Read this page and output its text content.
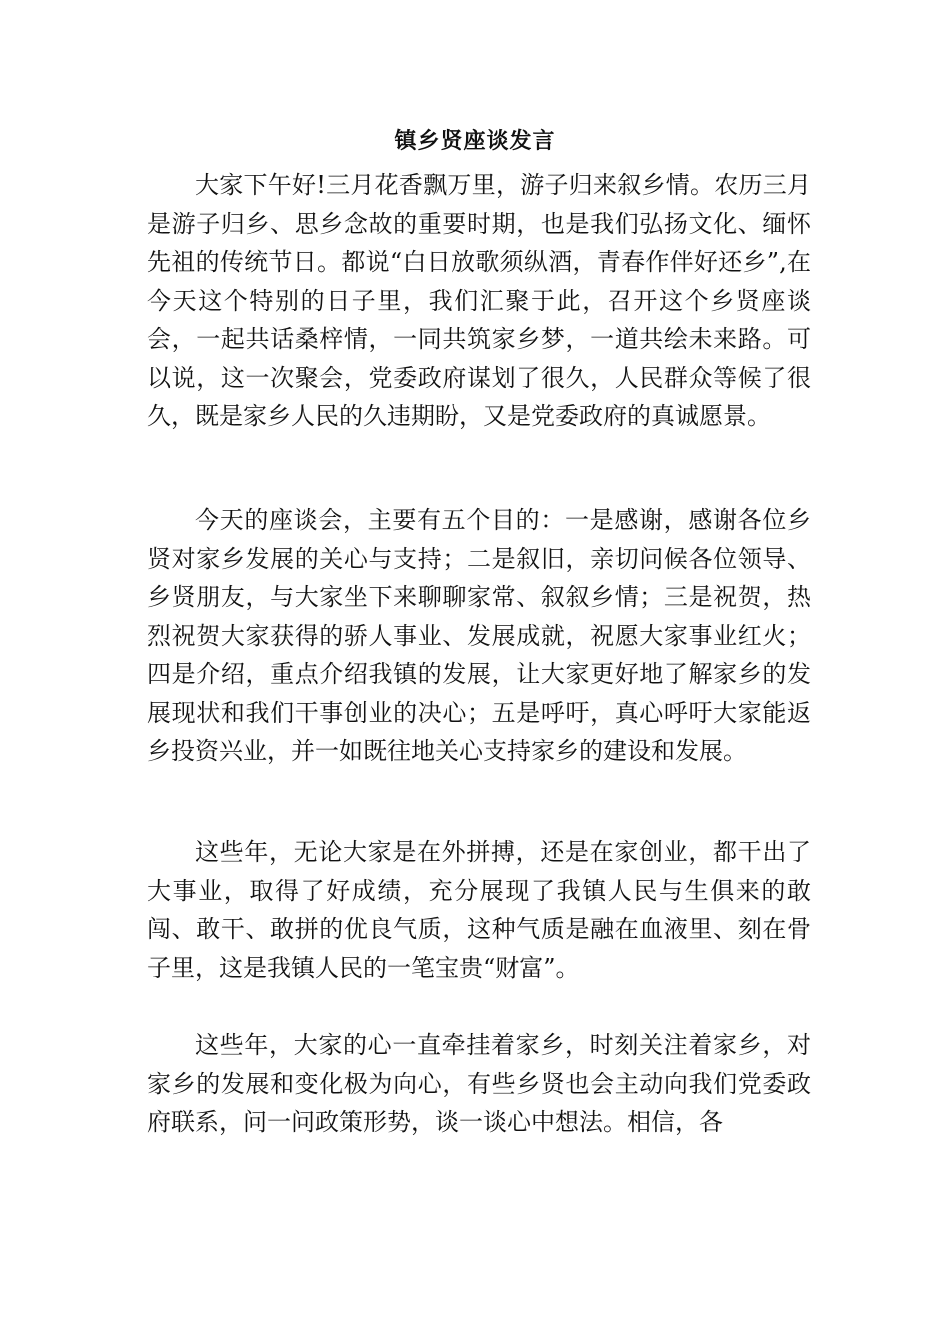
镇乡贤座谈发言

大家下午好!三月花香飘万里，游子归来叙乡情。农历三月是游子归乡、思乡念故的重要时期，也是我们弘扬文化、缅怀先祖的传统节日。都说“白日放歌须纵酒，青春作伴好还乡”,在今天这个特别的日子里，我们汇聚于此，召开这个乡贤座谈会，一起共话桑梓情，一同共筑家乡梦，一道共绘未来路。可以说，这一次聚会，党委政府谋划了很久，人民群众等候了很久，既是家乡人民的久违期盼，又是党委政府的真诚愿景。

今天的座谈会，主要有五个目的：一是感谢，感谢各位乡贤对家乡发展的关心与支持；二是叙旧，亲切问候各位领导、乡贤朋友，与大家坐下来聊聊家常、叙叙乡情；三是祝贺，热烈祝贺大家获得的骄人事业、发展成就，祝愿大家事业红火；四是介绍，重点介绍我镇的发展，让大家更好地了解家乡的发展现状和我们干事创业的决心；五是呼吁，真心呼吁大家能返乡投资兴业，并一如既往地关心支持家乡的建设和发展。

这些年，无论大家是在外拼搏，还是在家创业，都干出了大事业，取得了好成绩，充分展现了我镇人民与生俱来的敢闯、敢干、敢拼的优良气质，这种气质是融在血液里、刻在骨子里，这是我镇人民的一笔宝贵“财富”。

这些年，大家的心一直牵挂着家乡，时刻关注着家乡，对家乡的发展和变化极为向心，有些乡贤也会主动向我们党委政府联系，问一问政策形势，谈一谈心中想法。相信，各
